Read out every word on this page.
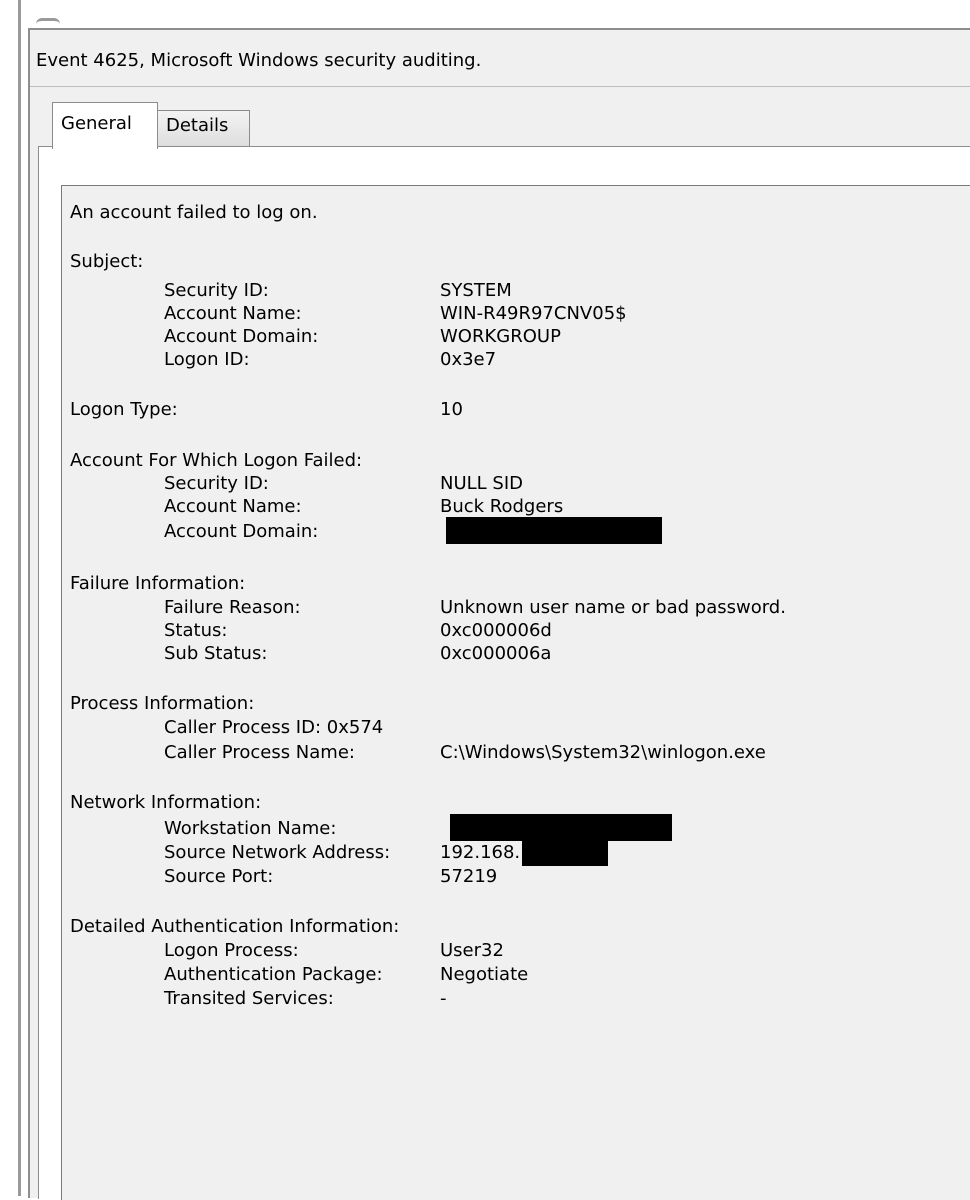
Event 4625, Microsoft Windows security auditing.
General	Details
An account failed to log on.
Subject:
Security ID:	SYSTEM
Account Name:	WIN-R49R97CNV05$
Account Domain:	WORKGROUP
Logon ID:	0x3e7
Logon Type:	10
Account For Which Logon Failed:
Security ID:	NULL SID
Account Name:	Buck Rodgers
Account Domain:
Failure Information:
Failure Reason:	Unknown user name or bad password.
Status:	0xc000006d
Sub Status:	0xc000006a
Process Information:
Caller Process ID: 0x574
Caller Process Name:	C:\Windows\System32\winlogon.exe
Network Information:
Workstation Name:
Source Network Address:	192.168.
Source Port:	57219
Detailed Authentication Information:
Logon Process:	User32
Authentication Package:	Negotiate
Transited Services:	-
